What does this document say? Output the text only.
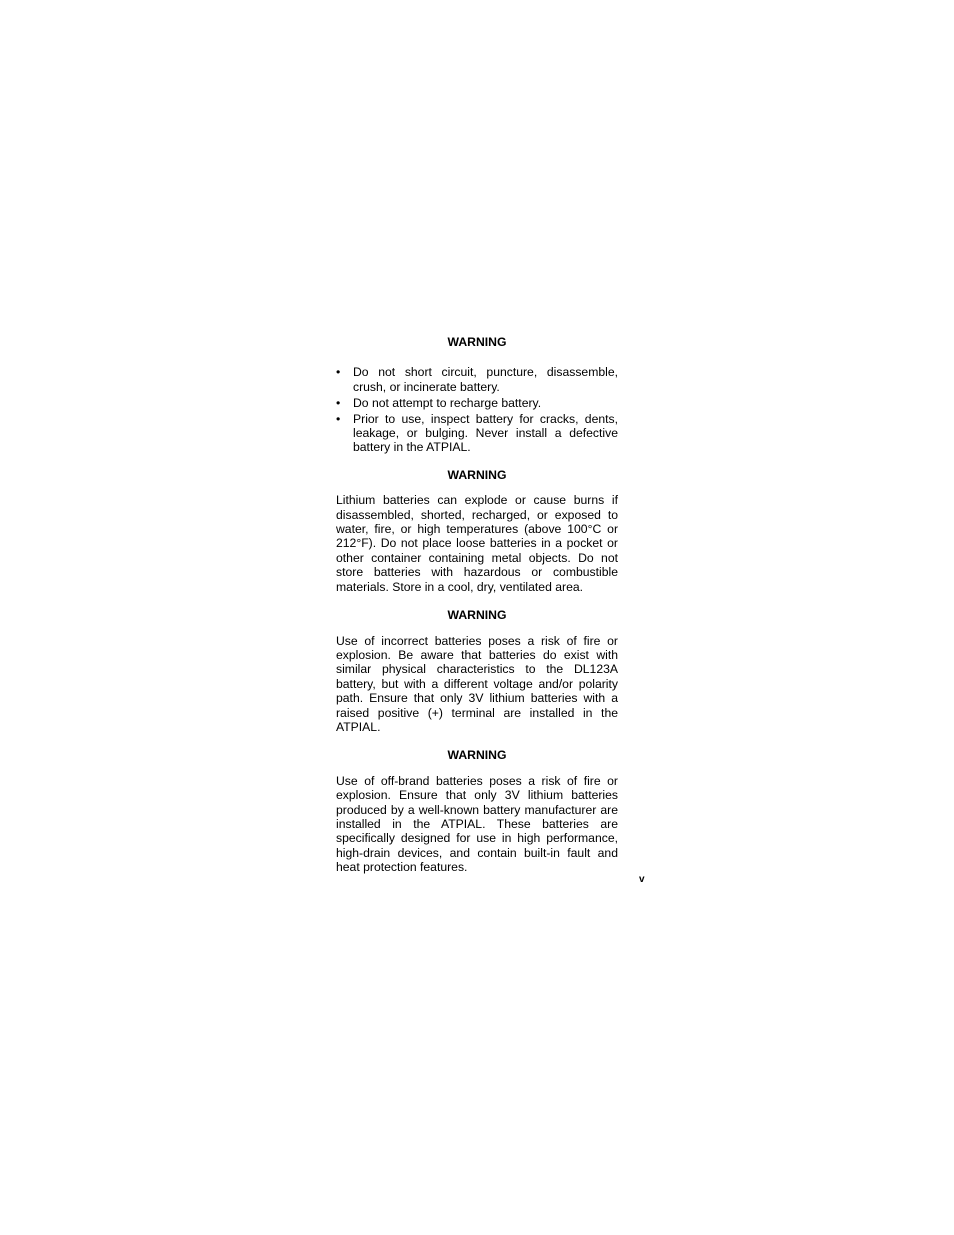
WARNING

• Do not short circuit, puncture, disassemble, crush, or incinerate battery.
• Do not attempt to recharge battery.
• Prior to use, inspect battery for cracks, dents, leakage, or bulging. Never install a defective battery in the ATPIAL.

WARNING

Lithium batteries can explode or cause burns if disassembled, shorted, recharged, or exposed to water, fire, or high temperatures (above 100°C or 212°F). Do not place loose batteries in a pocket or other container containing metal objects. Do not store batteries with hazardous or combustible materials. Store in a cool, dry, ventilated area.

WARNING

Use of incorrect batteries poses a risk of fire or explosion. Be aware that batteries do exist with similar physical characteristics to the DL123A battery, but with a different voltage and/or polarity path. Ensure that only 3V lithium batteries with a raised positive (+) terminal are installed in the ATPIAL.

WARNING

Use of off-brand batteries poses a risk of fire or explosion. Ensure that only 3V lithium batteries produced by a well-known battery manufacturer are installed in the ATPIAL. These batteries are specifically designed for use in high performance, high-drain devices, and contain built-in fault and heat protection features.

v
